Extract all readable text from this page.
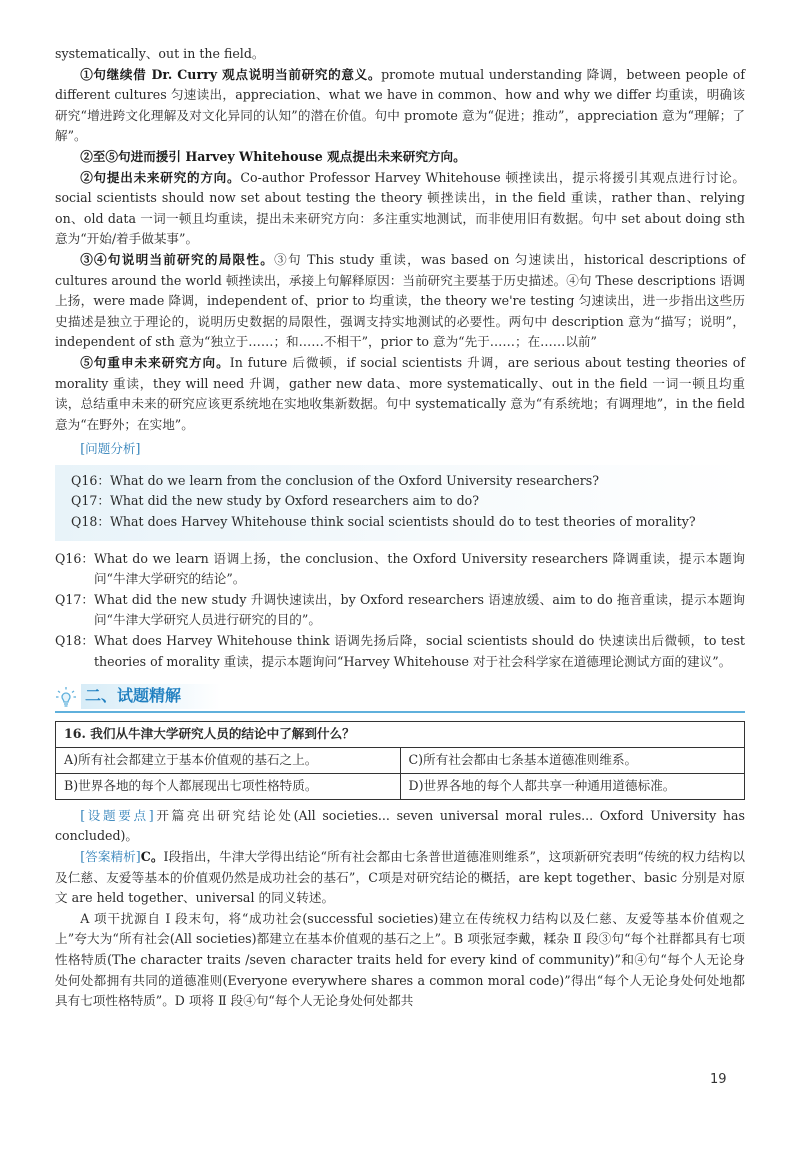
systematically、out in the field。

①句继续借 Dr. Curry 观点说明当前研究的意义。promote mutual understanding 降调，between people of different cultures 匀速读出，appreciation、what we have in common、how and why we differ 均重读，明确该研究“增进跨文化理解及对文化异同的认知”的潜在价值。句中 promote 意为“促进；推动”，appreciation 意为“理解；了解”。

②至⑤句进而援引 Harvey Whitehouse 观点提出未来研究方向。

②句提出未来研究的方向。Co-author Professor Harvey Whitehouse 顿挫读出，提示将援引其观点进行讨论。social scientists should now set about testing the theory 顿挫读出，in the field 重读，rather than、relying on、old data 一词一顿且均重读，提出未来研究方向：多注重实地测试，而非使用旧有数据。句中 set about doing sth 意为“开始/着手做某事”。

③④句说明当前研究的局限性。③句 This study 重读，was based on 匀速读出，historical descriptions of cultures around the world 顿挫读出，承接上句解释原因：当前研究主要基于历史描述。④句 These descriptions 语调上扬，were made 降调，independent of、prior to 均重读，the theory we're testing 匀速读出，进一步指出这些历史描述是独立于理论的，说明历史数据的局限性，强调支持实地测试的必要性。两句中 description 意为“描写；说明”，independent of sth 意为“独立于……；和……不相干”，prior to 意为“先于……；在……以前”

⑤句重申未来研究方向。In future 后微顿，if social scientists 升调，are serious about testing theories of morality 重读，they will need 升调，gather new data、more systematically、out in the field 一词一顿且均重读，总结重申未来的研究应该更系统地在实地收集新数据。句中 systematically 意为“有系统地；有调理地”，in the field 意为“在野外；在实地”。

[问题分析]

Q16： What do we learn from the conclusion of the Oxford University researchers?
Q17： What did the new study by Oxford researchers aim to do?
Q18： What does Harvey Whitehouse think social scientists should do to test theories of morality?
Q16： What do we learn 语调上扬，the conclusion、the Oxford University researchers 降调重读，提示本题询问“牛津大学研究的结论”。
Q17： What did the new study 升调快速读出，by Oxford researchers 语速放缓、aim to do 拖音重读，提示本题询问“牛津大学研究人员进行研究的目的”。
Q18： What does Harvey Whitehouse think 语调先扬后降，social scientists should do 快速读出后微顿，to test theories of morality 重读，提示本题询问“Harvey Whitehouse 对于社会科学家在道德理论测试方面的建议”。
二、试题精解
16. 我们从牛津大学研究人员的结论中了解到什么？	
A)所有社会都建立于基本价值观的基石之上。	C)所有社会都由七条基本道德准则维系。
B)世界各地的每个人都展现出七项性格特质。	D)世界各地的每个人都共享一种通用道德标准。

[设题要点]开篇亮出研究结论处(All societies... seven universal moral rules... Oxford University has concluded)。

[答案精析]C。I段指出，牛津大学得出结论“所有社会都由七条普世道德准则维系”，这项新研究表明“传统的权力结构以及仁慈、友爱等基本的价值观仍然是成功社会的基石”，C项是对研究结论的概括，are kept together、basic 分别是对原文 are held together、universal 的同义转述。

A 项干扰源自 I 段末句，将“成功社会(successful societies)建立在传统权力结构以及仁慈、友爱等基本价值观之上”夸大为“所有社会(All societies)都建立在基本价值观的基石之上”。B 项张冠李戴，糅杂 Ⅱ 段③句“每个社群都具有七项性格特质(The character traits /seven character traits held for every kind of community)”和④句“每个人无论身处何处都拥有共同的道德准则(Everyone everywhere shares a common moral code)”得出“每个人无论身处何处地都具有七项性格特质”。D 项将 Ⅱ 段④句“每个人无论身处何处都共

19
